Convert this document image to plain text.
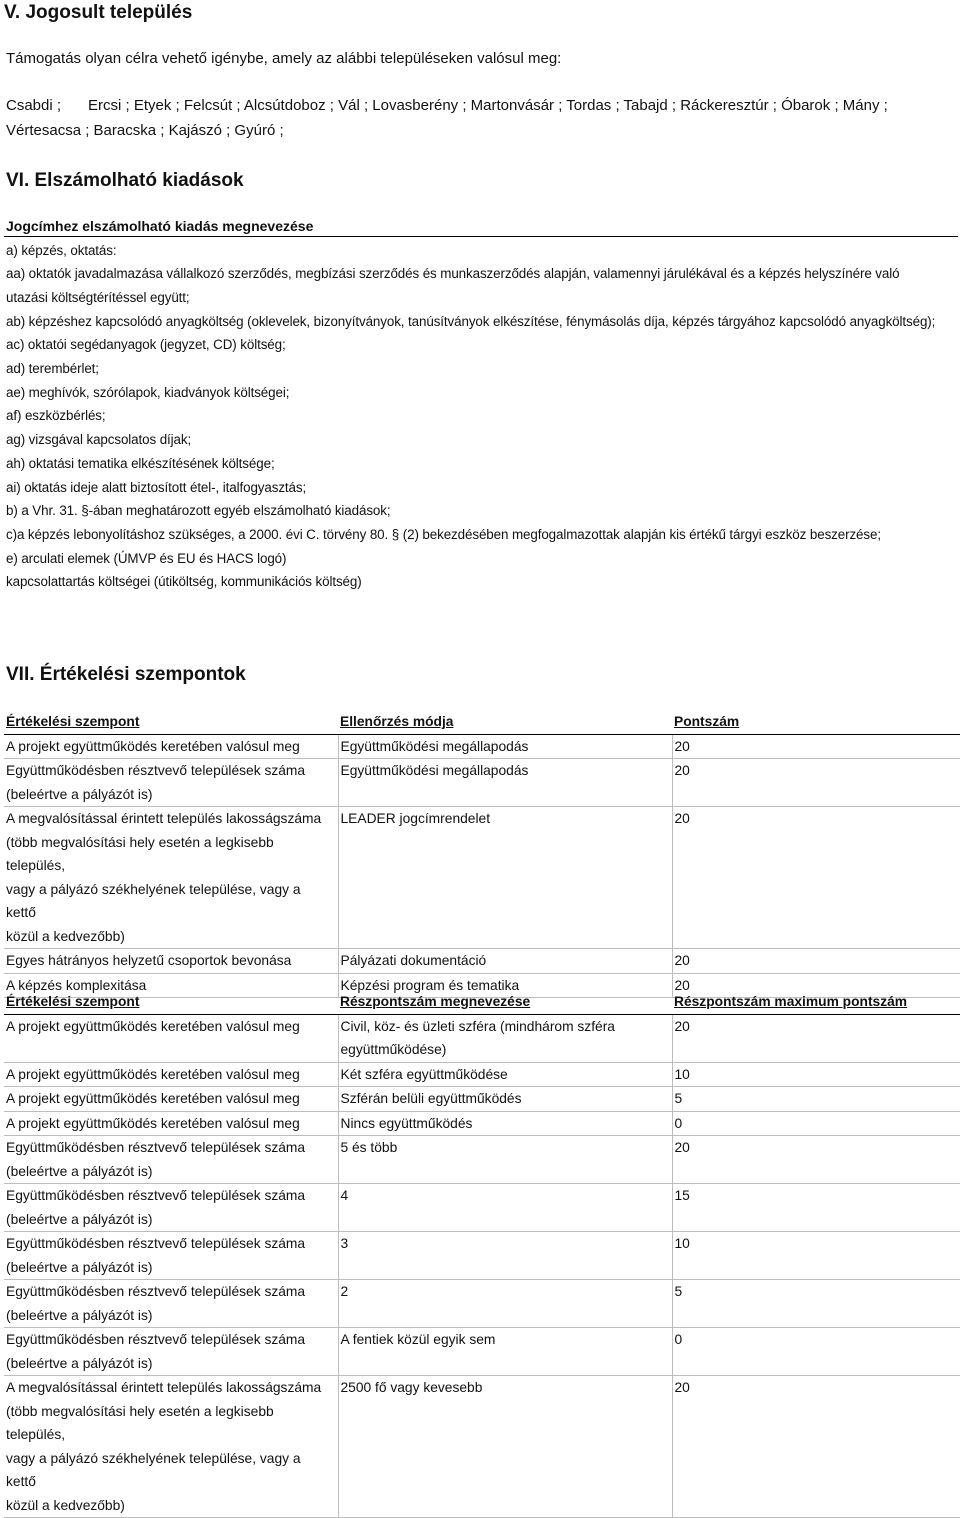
V. Jogosult település
Támogatás olyan célra vehető igénybe, amely az alábbi településeken valósul meg:
Csabdi ; Ercsi ; Etyek ; Felcsút ; Alcsútdoboz ; Vál ; Lovasberény ; Martonvásár ; Tordas ; Tabajd ; Ráckeresztúr ; Óbarok ; Mány ;
Vértesacsa ; Baracska ; Kajászó ; Gyúró ;
VI. Elszámolható kiadások
Jogcímhez elszámolható kiadás megnevezése
a) képzés, oktatás:
aa) oktatók javadalmazása vállalkozó szerződés, megbízási szerződés és munkaszerződés alapján, valamennyi járulékával és a képzés helyszínére való
utazási költségtérítéssel együtt;
ab) képzéshez kapcsolódó anyagköltség (oklevelek, bizonyítványok, tanúsítványok elkészítése, fénymásolás díja, képzés tárgyához kapcsolódó anyagköltség);
ac) oktatói segédanyagok (jegyzet, CD) költség;
ad) terembérlet;
ae) meghívók, szórólapok, kiadványok költségei;
af) eszközbérlés;
ag) vizsgával kapcsolatos díjak;
ah) oktatási tematika elkészítésének költsége;
ai) oktatás ideje alatt biztosított étel-, italfogyasztás;
b) a Vhr. 31. §-ában meghatározott egyéb elszámolható kiadások;
c)a képzés lebonyolításhoz szükséges, a 2000. évi C. törvény 80. § (2) bekezdésében megfogalmazottak alapján kis értékű tárgyi eszköz beszerzése;
e) arculati elemek (ÚMVP és EU és HACS logó)
kapcsolattartás költségei (útiköltség, kommunikációs költség)
VII. Értékelési szempontok
Értékelési szempont	Ellenőrzés módja	Pontszám

A projekt együttműködés keretében valósul meg	Együttműködési megállapodás	20

Együttműködésben résztvevő települések száma
(beleértve a pályázót is)	Együttműködési megállapodás	20

A megvalósítással érintett település lakosságszáma
(több megvalósítási hely esetén a legkisebb település,
vagy a pályázó székhelyének települése, vagy a kettő
közül a kedvezőbb)	LEADER jogcímrendelet	20

Egyes hátrányos helyzetű csoportok bevonása	Pályázati dokumentáció	20

A képzés komplexitása	Képzési program és tematika	20
Értékelési szempont	Részpontszám megnevezése	Részpontszám maximum pontszám

A projekt együttműködés keretében valósul meg	Civil, köz- és üzleti szféra (mindhárom szféra
együttműködése)	20

A projekt együttműködés keretében valósul meg	Két szféra együttműködése	10

A projekt együttműködés keretében valósul meg	Szférán belüli együttműködés	5

A projekt együttműködés keretében valósul meg	Nincs együttműködés	0

Együttműködésben résztvevő települések száma
(beleértve a pályázót is)	5 és több	20

Együttműködésben résztvevő települések száma
(beleértve a pályázót is)	4	15

Együttműködésben résztvevő települések száma
(beleértve a pályázót is)	3	10

Együttműködésben résztvevő települések száma
(beleértve a pályázót is)	2	5

Együttműködésben résztvevő települések száma
(beleértve a pályázót is)	A fentiek közül egyik sem	0

A megvalósítással érintett település lakosságszáma
(több megvalósítási hely esetén a legkisebb település,
vagy a pályázó székhelyének települése, vagy a kettő
közül a kedvezőbb)	2500 fő vagy kevesebb	20
